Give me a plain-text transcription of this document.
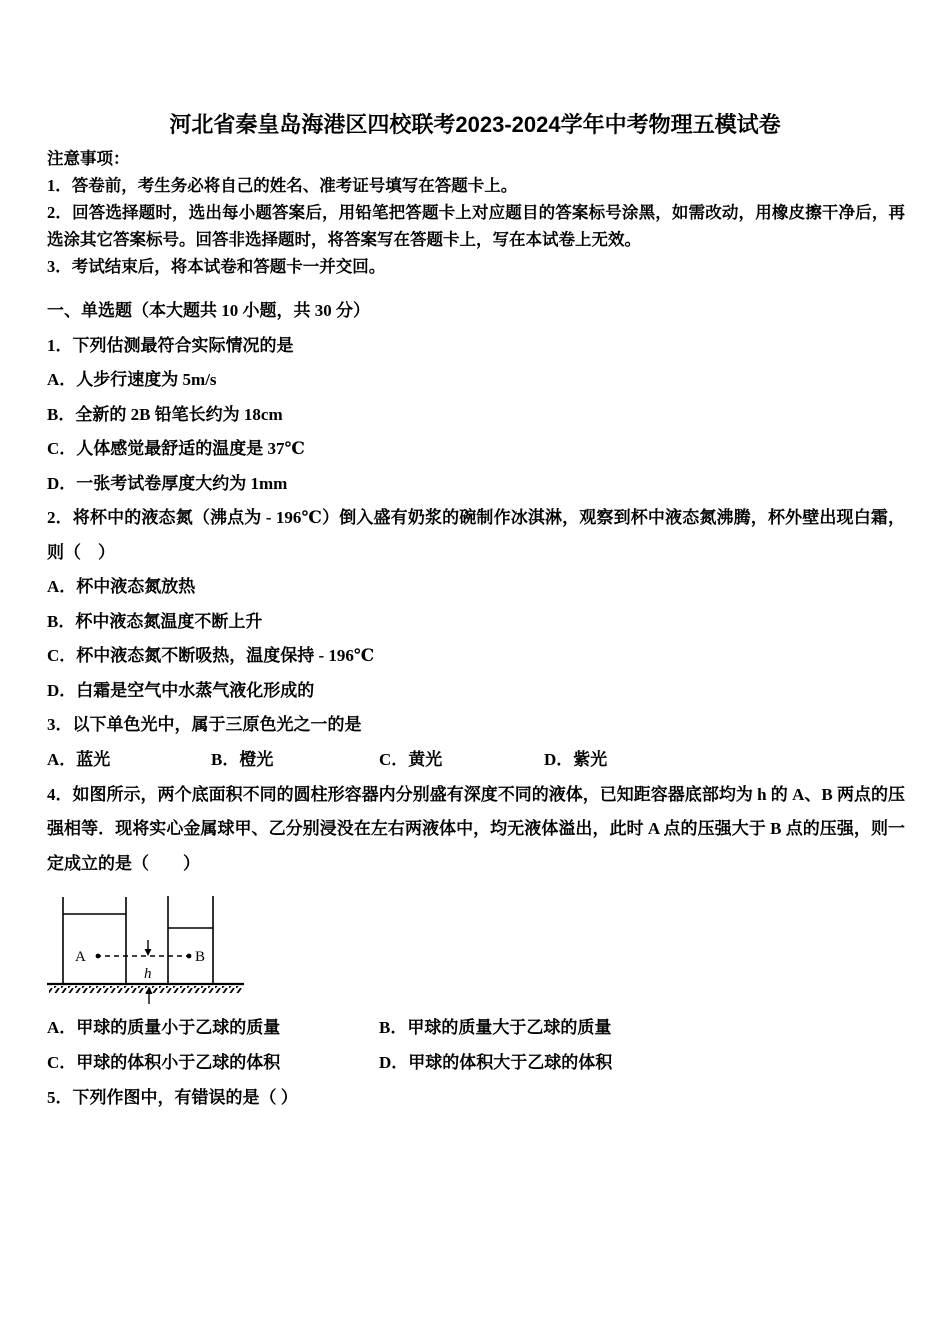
河北省秦皇岛海港区四校联考2023-2024学年中考物理五模试卷
注意事项：
1．答卷前，考生务必将自己的姓名、准考证号填写在答题卡上。
2．回答选择题时，选出每小题答案后，用铅笔把答题卡上对应题目的答案标号涂黑，如需改动，用橡皮擦干净后，再选涂其它答案标号。回答非选择题时，将答案写在答题卡上，写在本试卷上无效。
3．考试结束后，将本试卷和答题卡一并交回。
一、单选题（本大题共 10 小题，共 30 分）
1．下列估测最符合实际情况的是
A．人步行速度为 5m/s
B．全新的 2B 铅笔长约为 18cm
C．人体感觉最舒适的温度是 37℃
D．一张考试卷厚度大约为 1mm
2．将杯中的液态氮（沸点为 - 196℃）倒入盛有奶浆的碗制作冰淇淋，观察到杯中液态氮沸腾，杯外壁出现白霜，则（　）
A．杯中液态氮放热
B．杯中液态氮温度不断上升
C．杯中液态氮不断吸热，温度保持 - 196℃
D．白霜是空气中水蒸气液化形成的
3．以下单色光中，属于三原色光之一的是
A．蓝光	B．橙光	C．黄光	D．紫光
4．如图所示，两个底面积不同的圆柱形容器内分别盛有深度不同的液体，已知距容器底部均为 h 的 A、B 两点的压强相等．现将实心金属球甲、乙分别浸没在左右两液体中，均无液体溢出，此时 A 点的压强大于 B 点的压强，则一定成立的是（　　）
A	B
h
A．甲球的质量小于乙球的质量	B．甲球的质量大于乙球的质量
C．甲球的体积小于乙球的体积	D．甲球的体积大于乙球的体积
5．下列作图中，有错误的是（ ）
